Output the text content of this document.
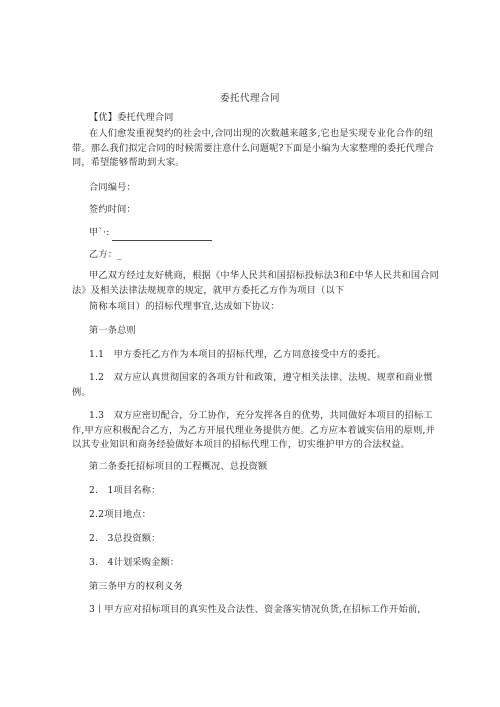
委托代理合同

【优】委托代理合同

在人们愈发重视契约的社会中,合同出现的次数越来越多,它也是实现专业化合作的纽带。那么我们拟定合同的时候需要注意什么问题呢?下面是小编为大家整理的委托代理合同，希望能够帮助到大家。

合同编号：

签约时间：

甲`·:

乙方：_

甲乙双方经过友好桃商，根据《中华人民共和国招标投标法3和£中华人民共和国合同法》及相关法律法规规章的规定，就甲方委托乙方作为项目（以下

简称本项目）的招标代理事宜,达成如下协议：

第一条总则

1.1　甲方委托乙方作为本项目的招标代理，乙方同意接受中方的委托。

1.2　双方应认真贯彻国家的各项方针和政策，遵守相关法律、法规、规章和商业惯例。

1.3　双方应密切配合，分工协作，充分发挥各自的优势，共同做好本项目的招标工作,甲方应积极配合乙方，为乙方开展代理业务提供方便。乙方应本着诚实信用的原则,并以其专业知识和商务经验做好本项目的招标代理工作，切实维护甲方的合法权益。

第二条委托招标项目的工程概况、总投资额

2.　1项目名称：

2.2项目地点：

2.　3总投资额：

3.　4计划采购金额：

第三条甲方的权利义务

3丨甲方应对招标项目的真实性及合法性、资金落实情况负货,在招标工作开始前,
